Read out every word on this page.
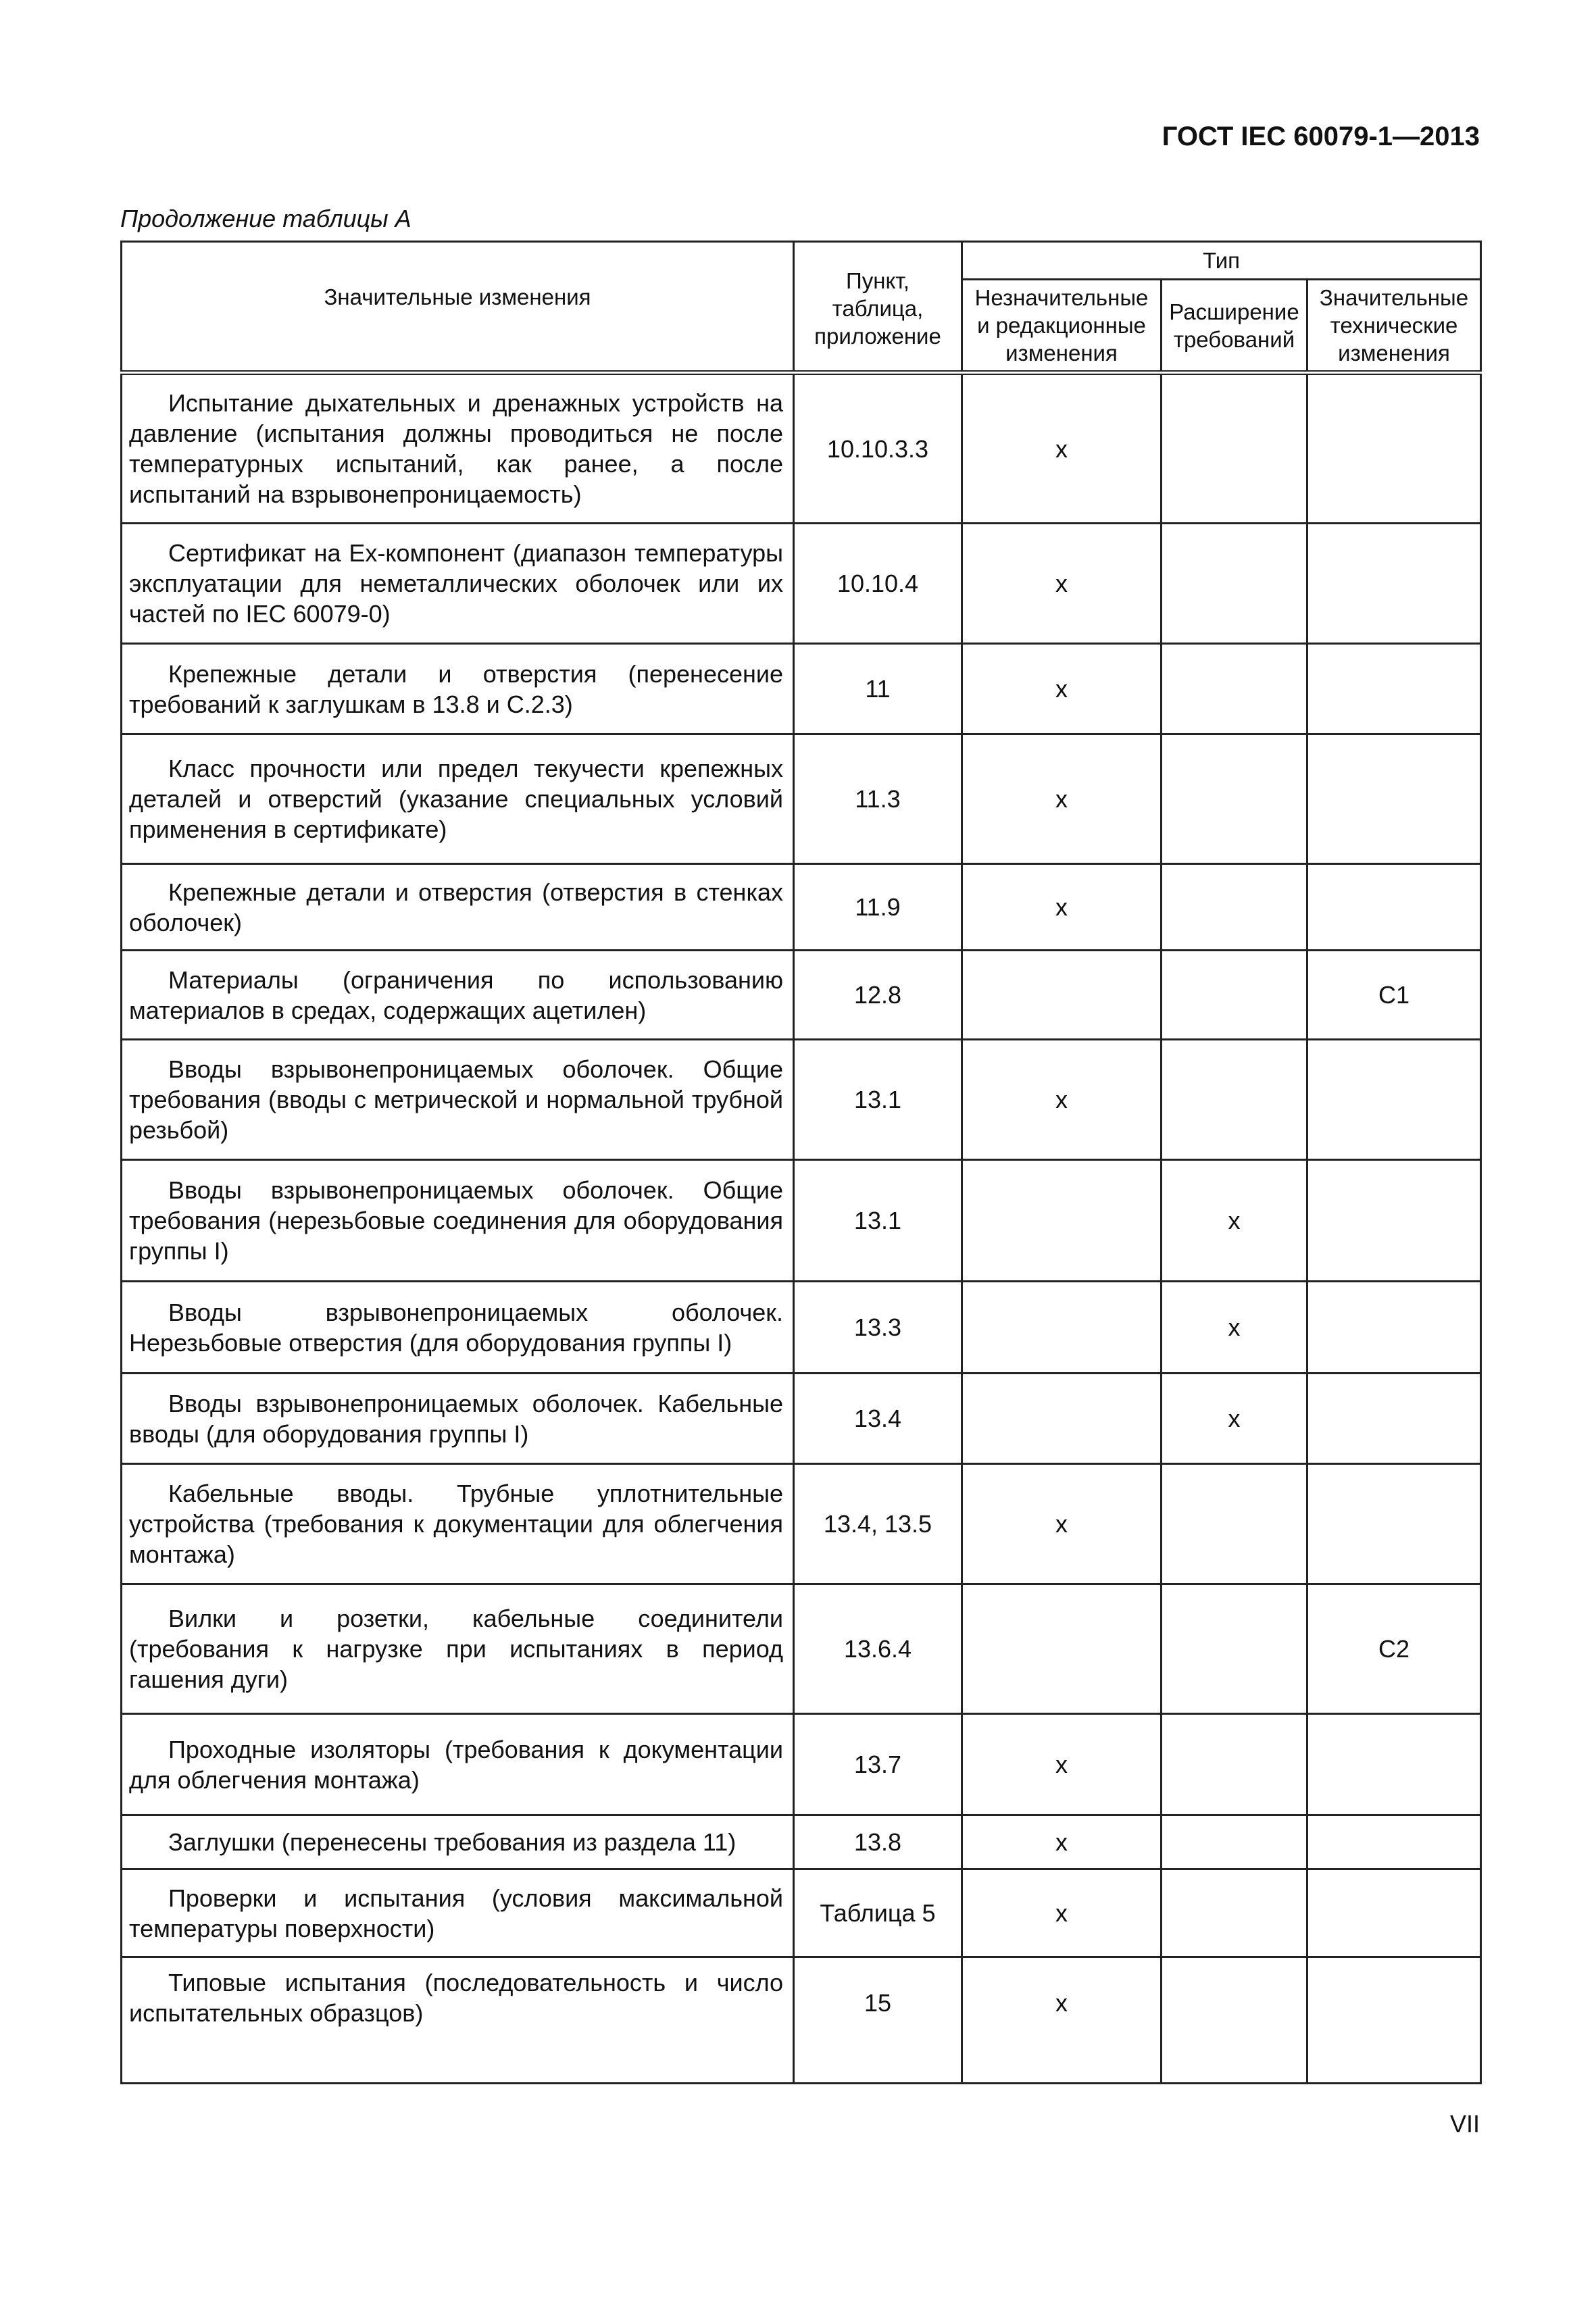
ГОСТ IEC 60079-1—2013
Продолжение таблицы А
Значительные изменения	Пункт, таблица, приложение	Тип		
		Незначительные и редакционные изменения	Расширение требований	Значительные технические изменения
Испытание дыхательных и дренажных устройств на давление (испытания должны проводиться не после температурных испытаний, как ранее, а после испытаний на взрывонепроницаемость)	10.10.3.3	x		
Сертификат на Ex-компонент (диапазон температуры эксплуатации для неметаллических оболочек или их частей по IEC 60079-0)	10.10.4	x		
Крепежные детали и отверстия (перенесение требований к заглушкам в 13.8 и С.2.3)	11	x		
Класс прочности или предел текучести крепежных деталей и отверстий (указание специальных условий применения в сертификате)	11.3	x		
Крепежные детали и отверстия (отверстия в стенках оболочек)	11.9	x		
Материалы (ограничения по использованию материалов в средах, содержащих ацетилен)	12.8			C1
Вводы взрывонепроницаемых оболочек. Общие требования (вводы с метрической и нормальной трубной резьбой)	13.1	x		
Вводы взрывонепроницаемых оболочек. Общие требования (нерезьбовые соединения для оборудования группы I)	13.1		x	
Вводы взрывонепроницаемых оболочек. Нерезьбовые отверстия (для оборудования группы I)	13.3		x	
Вводы взрывонепроницаемых оболочек. Кабельные вводы (для оборудования группы I)	13.4		x	
Кабельные вводы. Трубные уплотнительные устройства (требования к документации для облегчения монтажа)	13.4, 13.5	x		
Вилки и розетки, кабельные соединители (требования к нагрузке при испытаниях в период гашения дуги)	13.6.4			C2
Проходные изоляторы (требования к документации для облегчения монтажа)	13.7	x		
Заглушки (перенесены требования из раздела 11)	13.8	x		
Проверки и испытания (условия максимальной температуры поверхности)	Таблица 5	x		
Типовые испытания (последовательность и число испытательных образцов)	15	x		
VII
